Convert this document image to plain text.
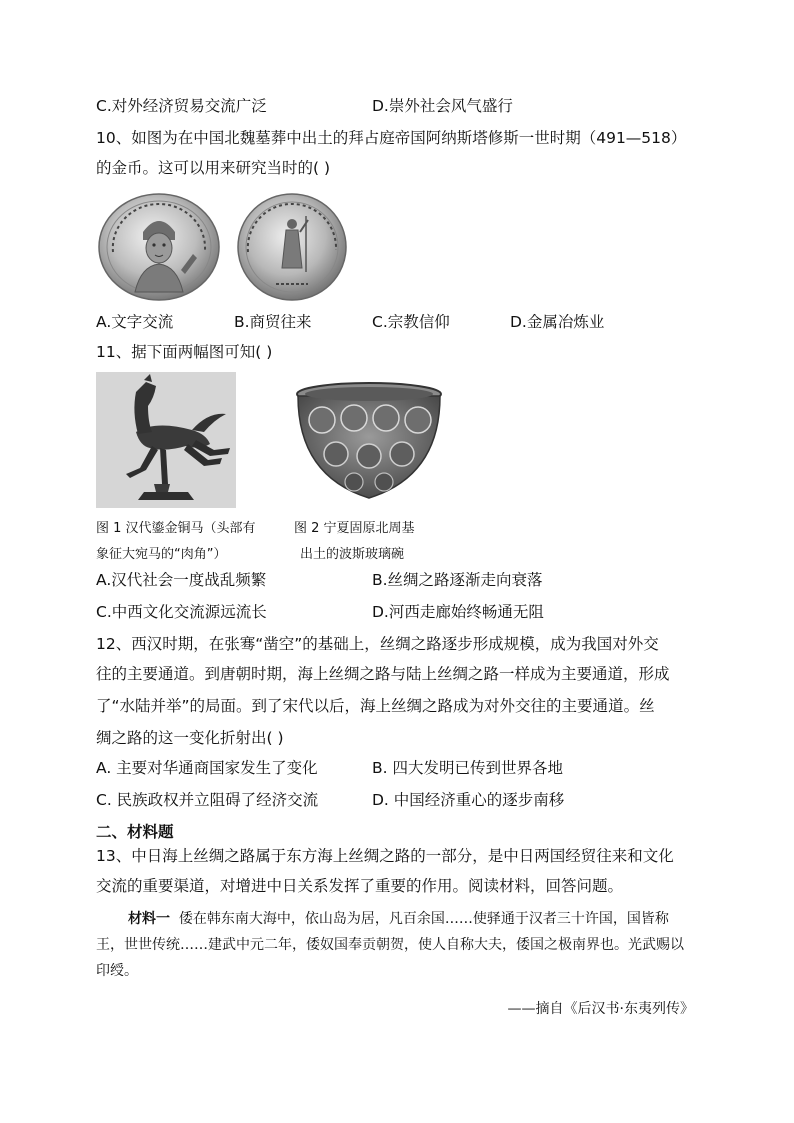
C.对外经济贸易交流广泛	D.崇外社会风气盛行
10、如图为在中国北魏墓葬中出土的拜占庭帝国阿纳斯塔修斯一世时期（491—518）
的金币。这可以用来研究当时的( )
A.文字交流	B.商贸往来	C.宗教信仰	D.金属冶炼业
11、据下面两幅图可知( )
图 1 汉代鎏金铜马（头部有
象征大宛马的“肉角”）
图 2 宁夏固原北周基
出土的波斯玻璃碗
A.汉代社会一度战乱频繁	B.丝绸之路逐渐走向衰落
C.中西文化交流源远流长	D.河西走廊始终畅通无阻
12、西汉时期，在张骞“凿空”的基础上，丝绸之路逐步形成规模，成为我国对外交
往的主要通道。到唐朝时期，海上丝绸之路与陆上丝绸之路一样成为主要通道，形成
了“水陆并举”的局面。到了宋代以后，海上丝绸之路成为对外交往的主要通道。丝
绸之路的这一变化折射出( )
A. 主要对华通商国家发生了变化	B. 四大发明已传到世界各地
C. 民族政权并立阻碍了经济交流	D. 中国经济重心的逐步南移
二、材料题
13、中日海上丝绸之路属于东方海上丝绸之路的一部分，是中日两国经贸往来和文化
交流的重要渠道，对增进中日关系发挥了重要的作用。阅读材料，回答问题。
材料一 倭在韩东南大海中，依山岛为居，凡百余国……使驿通于汉者三十许国，国皆称王，世世传统……建武中元二年，倭奴国奉贡朝贺，使人自称大夫，倭国之极南界也。光武赐以印绶。
——摘自《后汉书·东夷列传》
